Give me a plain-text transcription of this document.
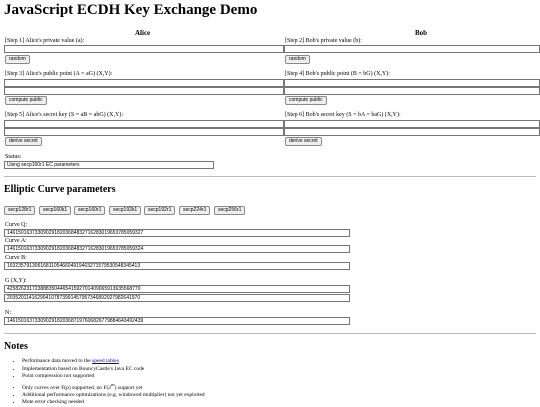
JavaScript ECDH Key Exchange Demo
Alice
[Step 1] Alice's private value (a):
random
[Step 3] Alice's public point (A = aG) (X,Y):
compute public
[Step 5] Alice's secret key (S = aB = abG) (X,Y):
derive secret
Bob
[Step 2] Bob's private value (b):
random
[Step 4] Bob's public point (B = bG) (X,Y):
compute public
[Step 6] Bob's secret key (S = bA = baG) (X,Y):
derive secret
Status:
Using secp160r1 EC parameters
Elliptic Curve parameters
secp128r1	secp160k1	secp160r1	secp192k1	secp192r1	secp224r1	secp256r1
Curve Q:
1461501637330902918203684832716283019653785059327
Curve A:
1461501637330902918203684832716283019653785059324
Curve B:
163235791306168110546604919403271579530548345413
G (X,Y):
425826231723888350446541592701409065913635568770
203520114162904107873991457957346892027982641970
N:
1461501637330902918203687197606826779884643492439
Notes
• Performance data moved to the speed tables
• Implementation based on BouncyCastle's Java EC code
• Point compression not supported
• Only curves over F(p) supported, no F(2$^m$) support yet
• Additional performance optimizations (e.g. windowed multiplier) not yet exploited
• Mote error checking needed
